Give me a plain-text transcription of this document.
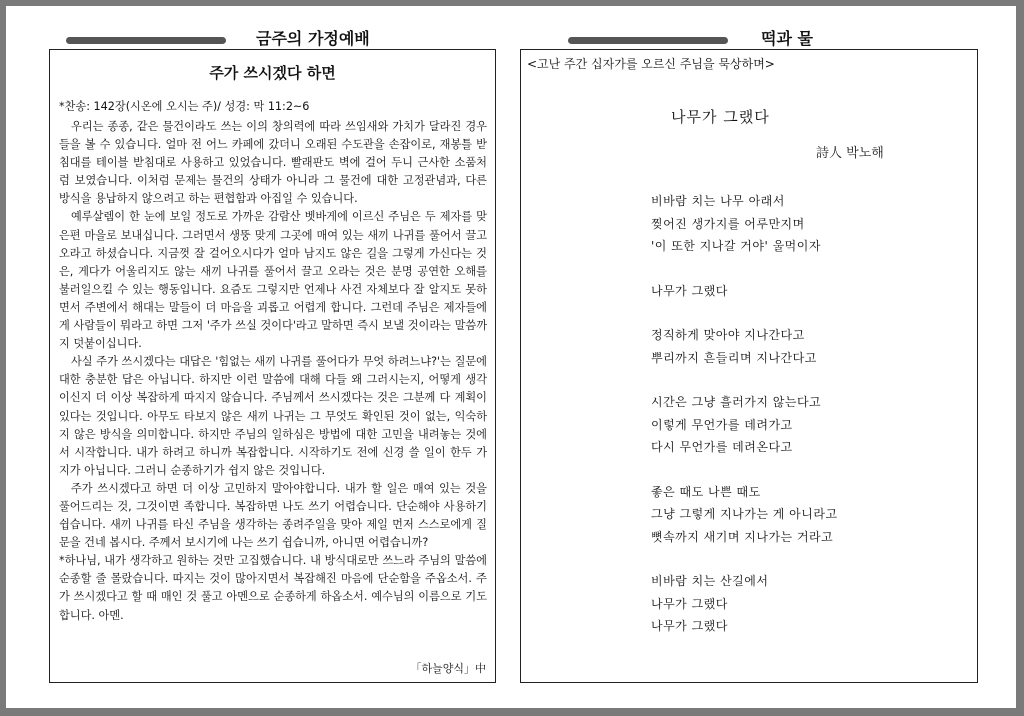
금주의 가정예배	떡과 물
주가 쓰시겠다 하면
*찬송: 142장(시온에 오시는 주)/ 성경: 막 11:2~6

우리는 종종, 같은 물건이라도 쓰는 이의 창의력에 따라 쓰임새와 가치가 달라진 경우들을 볼 수 있습니다. 얼마 전 어느 카페에 갔더니 오래된 수도관을 손잡이로, 재봉틀 받침대를 테이블 받침대로 사용하고 있었습니다. 빨래판도 벽에 걸어 두니 근사한 소품처럼 보였습니다. 이처럼 문제는 물건의 상태가 아니라 그 물건에 대한 고정관념과, 다른 방식을 용납하지 않으려고 하는 편협함과 아집일 수 있습니다.

예루살렘이 한 눈에 보일 정도로 가까운 감람산 벳바게에 이르신 주님은 두 제자를 맞은편 마을로 보내십니다. 그러면서 생뚱 맞게 그곳에 매여 있는 새끼 나귀를 풀어서 끌고 오라고 하셨습니다. 지금껏 잘 걸어오시다가 얼마 남지도 않은 길을 그렇게 가신다는 것은, 게다가 어울리지도 않는 새끼 나귀를 풀어서 끌고 오라는 것은 분명 공연한 오해를 불러일으킬 수 있는 행동입니다. 요즘도 그렇지만 언제나 사건 자체보다 잘 알지도 못하면서 주변에서 해대는 말들이 더 마음을 괴롭고 어렵게 합니다. 그런데 주님은 제자들에게 사람들이 뭐라고 하면 그저 '주가 쓰실 것이다'라고 말하면 즉시 보낼 것이라는 말씀까지 덧붙이십니다.

사실 주가 쓰시겠다는 대답은 '힘없는 새끼 나귀를 풀어다가 무엇 하려느냐?'는 질문에 대한 충분한 답은 아닙니다. 하지만 이런 말씀에 대해 다들 왜 그러시는지, 어떻게 생각이신지 더 이상 복잡하게 따지지 않습니다. 주님께서 쓰시겠다는 것은 그분께 다 계획이 있다는 것입니다. 아무도 타보지 않은 새끼 나귀는 그 무엇도 확인된 것이 없는, 익숙하지 않은 방식을 의미합니다. 하지만 주님의 일하심은 방법에 대한 고민을 내려놓는 것에서 시작합니다. 내가 하려고 하니까 복잡합니다. 시작하기도 전에 신경 쓸 일이 한두 가지가 아닙니다. 그러니 순종하기가 쉽지 않은 것입니다.

주가 쓰시겠다고 하면 더 이상 고민하지 말아야합니다. 내가 할 일은 매여 있는 것을 풀어드리는 것, 그것이면 족합니다. 복잡하면 나도 쓰기 어렵습니다. 단순해야 사용하기 쉽습니다. 새끼 나귀를 타신 주님을 생각하는 종려주일을 맞아 제일 먼저 스스로에게 질문을 건네 봅시다. 주께서 보시기에 나는 쓰기 쉽습니까, 아니면 어렵습니까?

*하나님, 내가 생각하고 원하는 것만 고집했습니다. 내 방식대로만 쓰느라 주님의 말씀에 순종할 줄 몰랐습니다. 따지는 것이 많아지면서 복잡해진 마음에 단순함을 주옵소서. 주가 쓰시겠다고 할 때 매인 것 풀고 아멘으로 순종하게 하옵소서. 예수님의 이름으로 기도합니다. 아멘.

「하늘양식」中
<고난 주간 십자가를 오르신 주님을 묵상하며>
나무가 그랬다
詩人 박노해
비바람 치는 나무 아래서
찢어진 생가지를 어루만지며
'이 또한 지나갈 거야' 울먹이자
나무가 그랬다
정직하게 맞아야 지나간다고
뿌리까지 흔들리며 지나간다고
시간은 그냥 흘러가지 않는다고
이렇게 무언가를 데려가고
다시 무언가를 데려온다고
좋은 때도 나쁜 때도
그냥 그렇게 지나가는 게 아니라고
뼛속까지 새기며 지나가는 거라고
비바람 치는 산길에서
나무가 그랬다
나무가 그랬다
